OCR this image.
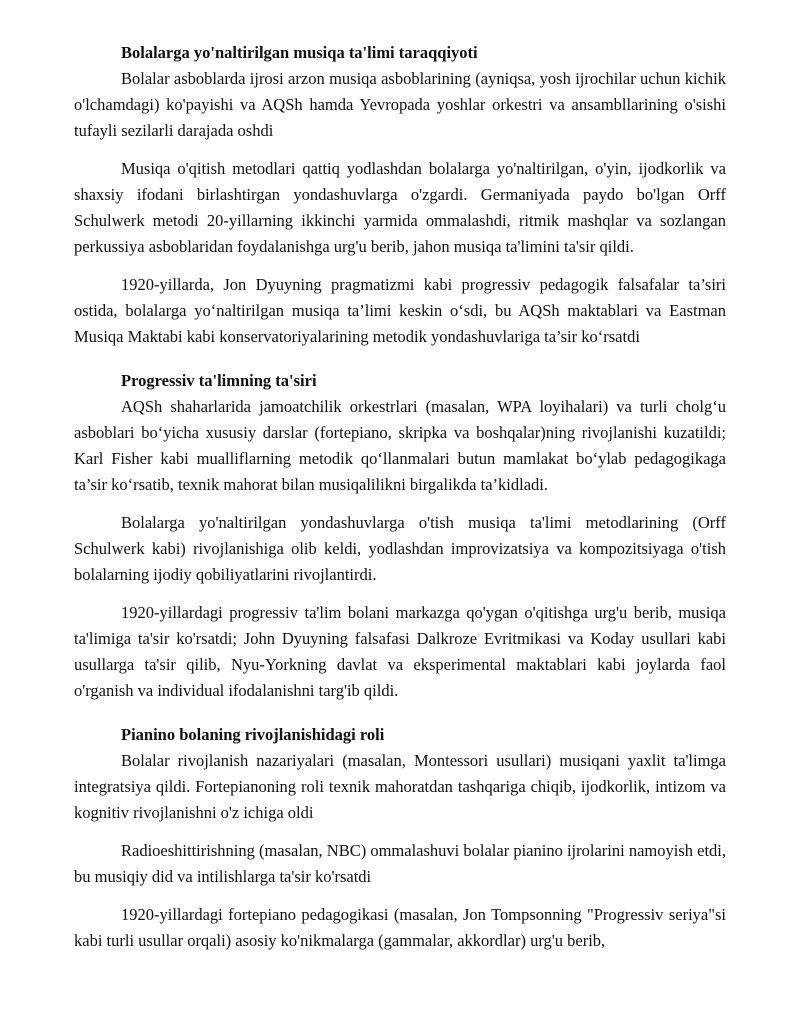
Bolalarga yo'naltirilgan musiqa ta'limi taraqqiyoti

Bolalar asboblarda ijrosi arzon musiqa asboblarining (ayniqsa, yosh ijrochilar uchun kichik o'lchamdagi) ko'payishi va AQSh hamda Yevropada yoshlar orkestri va ansambllarining o'sishi tufayli sezilarli darajada oshdi

Musiqa o'qitish metodlari qattiq yodlashdan bolalarga yo'naltirilgan, o'yin, ijodkorlik va shaxsiy ifodani birlashtirgan yondashuvlarga o'zgardi. Germaniyada paydo bo'lgan Orff Schulwerk metodi 20-yillarning ikkinchi yarmida ommalashdi, ritmik mashqlar va sozlangan perkussiya asboblaridan foydalanishga urg'u berib, jahon musiqa ta'limini ta'sir qildi.

1920-yillarda, Jon Dyuyning pragmatizmi kabi progressiv pedagogik falsafalar ta’siri ostida, bolalarga yo‘naltirilgan musiqa ta’limi keskin o‘sdi, bu AQSh maktablari va Eastman Musiqa Maktabi kabi konservatoriyalarining metodik yondashuvlariga ta’sir ko‘rsatdi

Progressiv ta'limning ta'siri

AQSh shaharlarida jamoatchilik orkestrlari (masalan, WPA loyihalari) va turli cholg‘u asboblari bo‘yicha xususiy darslar (fortepiano, skripka va boshqalar)ning rivojlanishi kuzatildi; Karl Fisher kabi mualliflarning metodik qo‘llanmalari butun mamlakat bo‘ylab pedagogikaga ta’sir ko‘rsatib, texnik mahorat bilan musiqalilikni birgalikda ta’kidladi.

Bolalarga yo'naltirilgan yondashuvlarga o'tish musiqa ta'limi metodlarining (Orff Schulwerk kabi) rivojlanishiga olib keldi, yodlashdan improvizatsiya va kompozitsiyaga o'tish bolalarning ijodiy qobiliyatlarini rivojlantirdi.

1920-yillardagi progressiv ta'lim bolani markazga qo'ygan o'qitishga urg'u berib, musiqa ta'limiga ta'sir ko'rsatdi; John Dyuyning falsafasi Dalkroze Evritmikasi va Koday usullari kabi usullarga ta'sir qilib, Nyu-Yorkning davlat va eksperimental maktablari kabi joylarda faol o'rganish va individual ifodalanishni targ'ib qildi.

Pianino bolaning rivojlanishidagi roli

Bolalar rivojlanish nazariyalari (masalan, Montessori usullari) musiqani yaxlit ta'limga integratsiya qildi. Fortepianoning roli texnik mahoratdan tashqariga chiqib, ijodkorlik, intizom va kognitiv rivojlanishni o'z ichiga oldi

Radioeshittirishning (masalan, NBC) ommalashuvi bolalar pianino ijrolarini namoyish etdi, bu musiqiy did va intilishlarga ta'sir ko'rsatdi

1920-yillardagi fortepiano pedagogikasi (masalan, Jon Tompsonning "Progressiv seriya"si kabi turli usullar orqali) asosiy ko'nikmalarga (gammalar, akkordlar) urg'u berib,
